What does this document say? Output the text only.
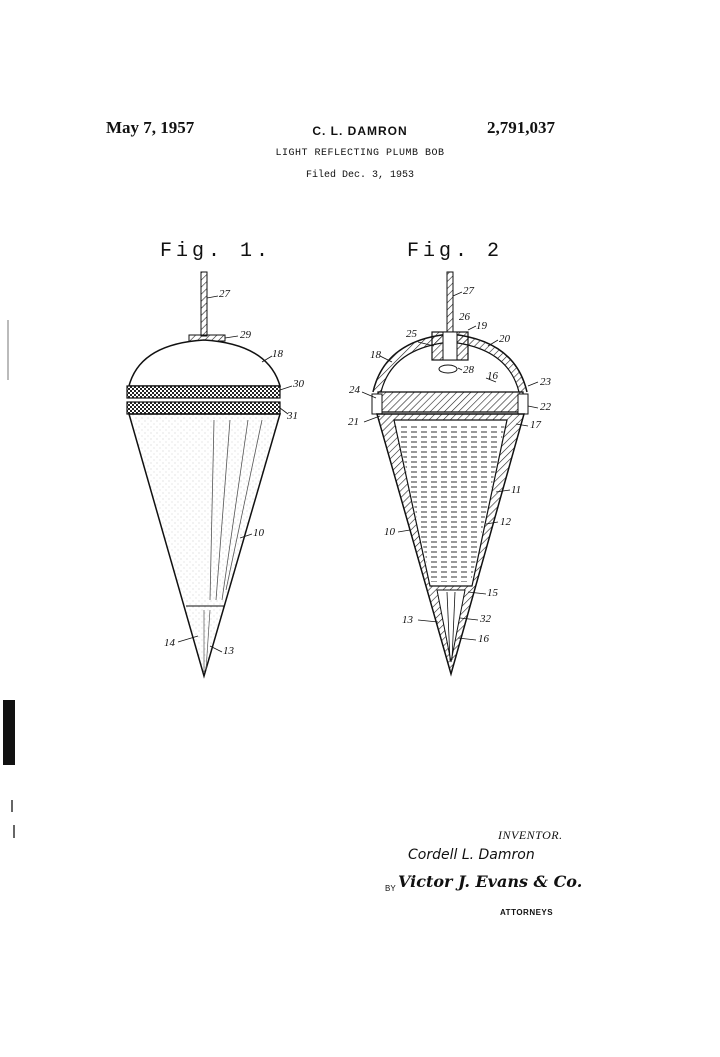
May 7, 1957	C. L. DAMRON	2,791,037
LIGHT REFLECTING PLUMB BOB
Filed Dec. 3, 1953
Fig. 1.	Fig. 2
27
29
18
30
31
10
14
13
27
26
25
19
20
18
28 16	23
24
22
21	17
11
10
12
15
13	32
16
INVENTOR.
Cordell L. Damron
BY Victor J. Evans & Co.
ATTORNEYS
